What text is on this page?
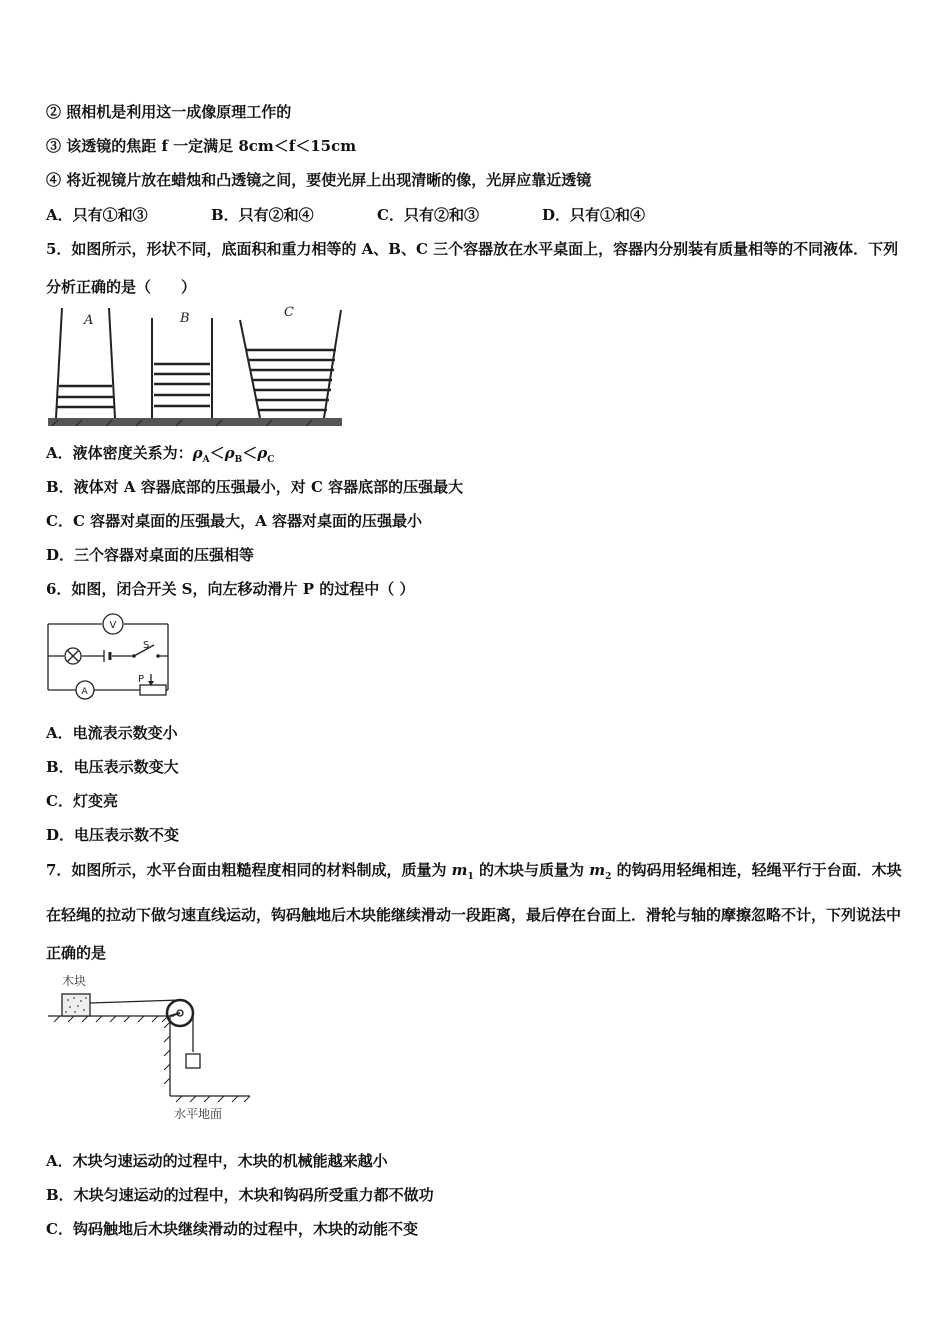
② 照相机是利用这一成像原理工作的
③ 该透镜的焦距 f 一定满足 8cm＜f＜15cm
④ 将近视镜片放在蜡烛和凸透镜之间，要使光屏上出现清晰的像，光屏应靠近透镜
A．只有①和③	B．只有②和④	C．只有②和③	D．只有①和④
5．如图所示，形状不同，底面积和重力相等的 A、B、C 三个容器放在水平桌面上，容器内分别装有质量相等的不同液体．下列分析正确的是（　　）
A	B	C
A．液体密度关系为：$\rho_A<\rho_B<\rho_C$
B．液体对 A 容器底部的压强最小，对 C 容器底部的压强最大
C．C 容器对桌面的压强最大，A 容器对桌面的压强最小
D．三个容器对桌面的压强相等
6．如图，闭合开关 S，向左移动滑片 P 的过程中（ ）
V
S
A
P
A．电流表示数变小
B．电压表示数变大
C．灯变亮
D．电压表示数不变
7．如图所示，水平台面由粗糙程度相同的材料制成，质量为 $m_1$ 的木块与质量为 $m_2$ 的钩码用轻绳相连，轻绳平行于台面．木块在轻绳的拉动下做匀速直线运动，钩码触地后木块能继续滑动一段距离，最后停在台面上．滑轮与轴的摩擦忽略不计，下列说法中正确的是
木块
水平地面
A．木块匀速运动的过程中，木块的机械能越来越小
B．木块匀速运动的过程中，木块和钩码所受重力都不做功
C．钩码触地后木块继续滑动的过程中，木块的动能不变
